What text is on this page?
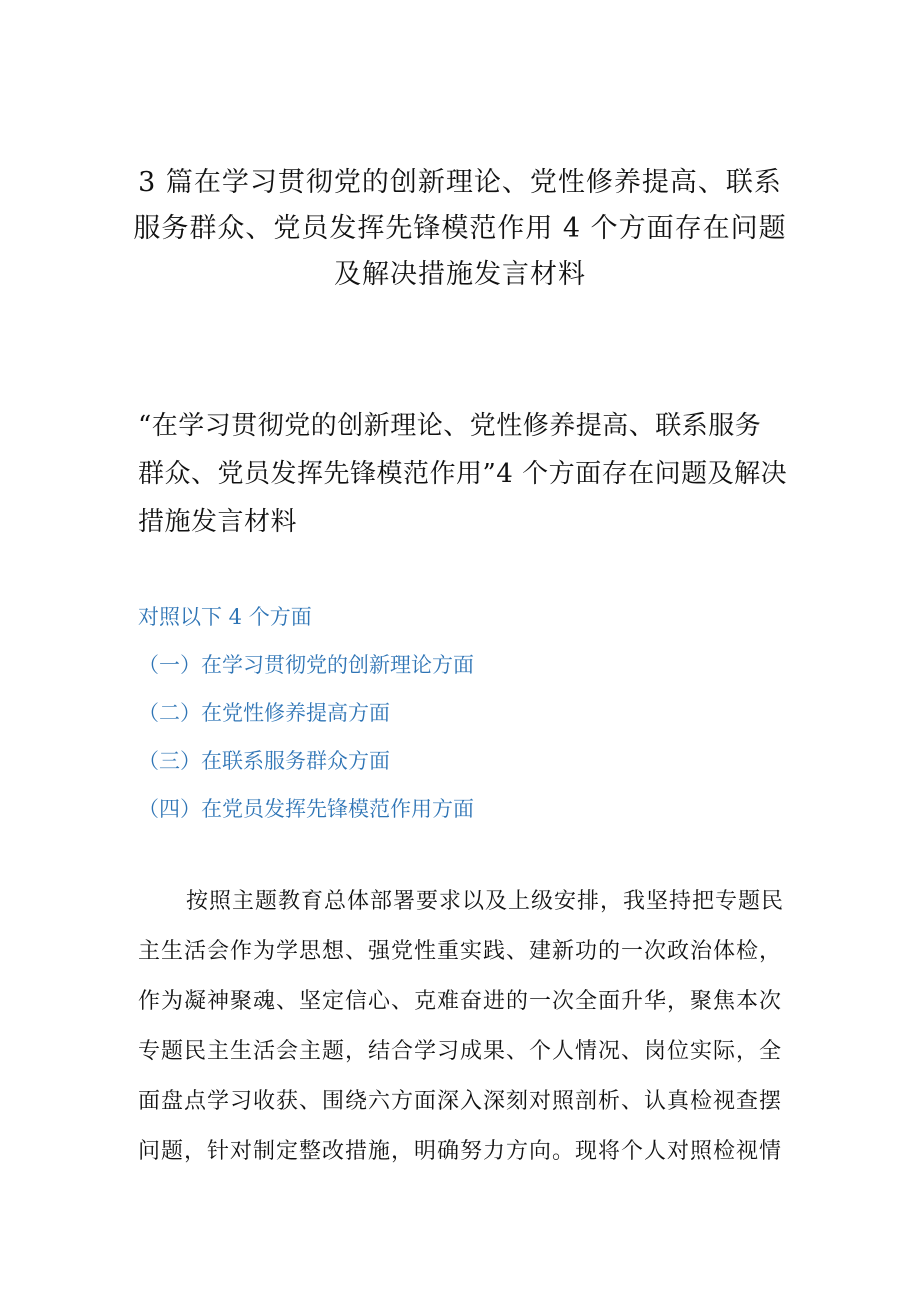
3 篇在学习贯彻党的创新理论、党性修养提高、联系
服务群众、党员发挥先锋模范作用 4 个方面存在问题
及解决措施发言材料

“在学习贯彻党的创新理论、党性修养提高、联系服务
群众、党员发挥先锋模范作用”4 个方面存在问题及解决
措施发言材料

对照以下 4 个方面
（一）在学习贯彻党的创新理论方面
（二）在党性修养提高方面
（三）在联系服务群众方面
（四）在党员发挥先锋模范作用方面

按照主题教育总体部署要求以及上级安排，我坚持把专题民
主生活会作为学思想、强党性重实践、建新功的一次政治体检，
作为凝神聚魂、坚定信心、克难奋进的一次全面升华，聚焦本次
专题民主生活会主题，结合学习成果、个人情况、岗位实际，全
面盘点学习收获、围绕六方面深入深刻对照剖析、认真检视查摆
问题，针对制定整改措施，明确努力方向。现将个人对照检视情
